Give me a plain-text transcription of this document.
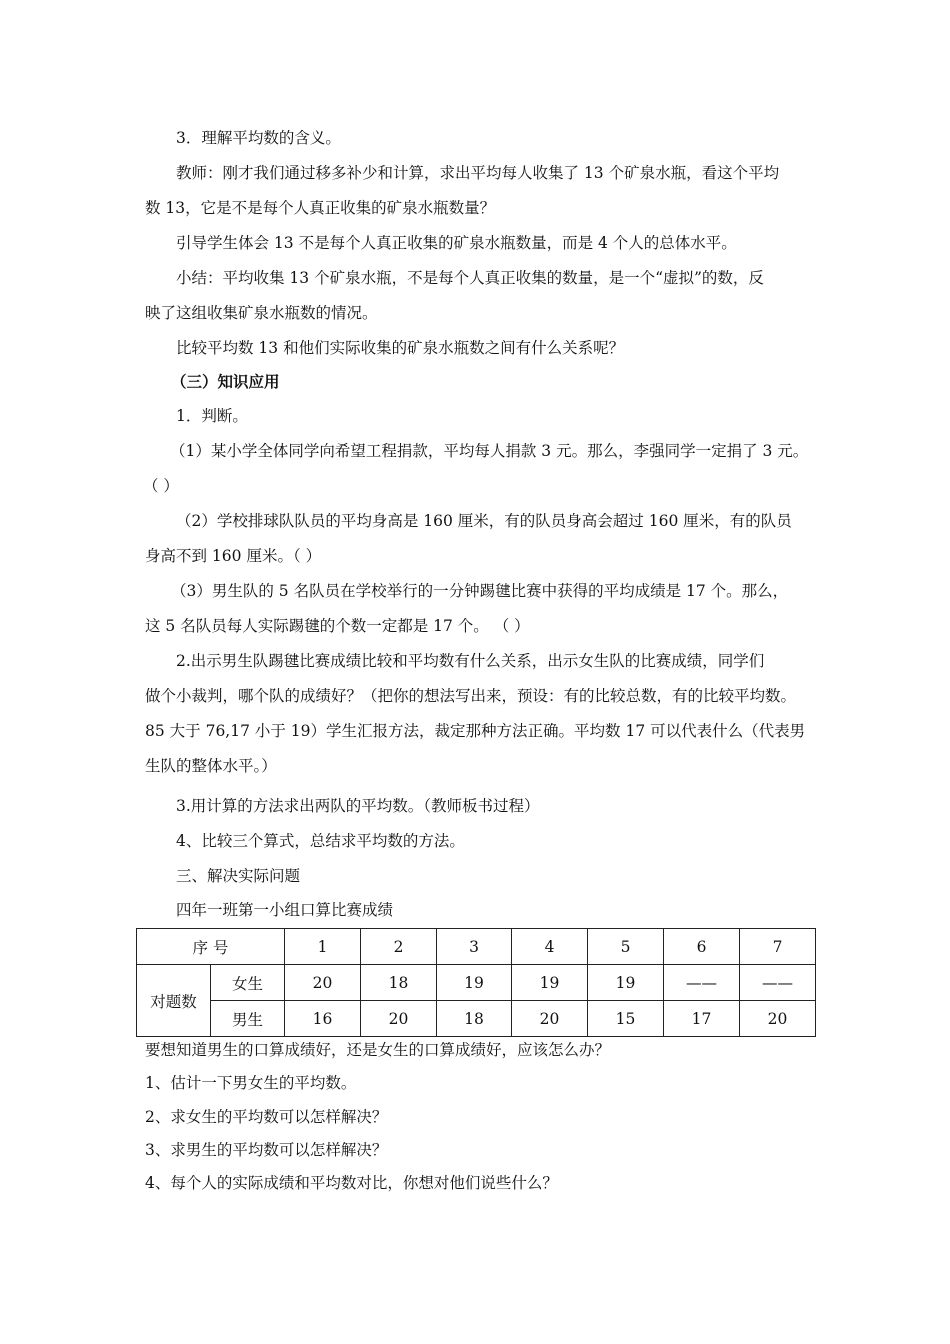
3．理解平均数的含义。
教师：刚才我们通过移多补少和计算，求出平均每人收集了 13 个矿泉水瓶，看这个平均
数 13，它是不是每个人真正收集的矿泉水瓶数量？
引导学生体会 13 不是每个人真正收集的矿泉水瓶数量，而是 4 个人的总体水平。
小结：平均收集 13 个矿泉水瓶，不是每个人真正收集的数量，是一个“虚拟”的数，反
映了这组收集矿泉水瓶数的情况。
比较平均数 13 和他们实际收集的矿泉水瓶数之间有什么关系呢？
（三）知识应用
1．判断。
（1）某小学全体同学向希望工程捐款，平均每人捐款 3 元。那么，李强同学一定捐了 3 元。
（ ）
（2）学校排球队队员的平均身高是 160 厘米，有的队员身高会超过 160 厘米，有的队员
身高不到 160 厘米。（ ）
（3）男生队的 5 名队员在学校举行的一分钟踢毽比赛中获得的平均成绩是 17 个。那么，
这 5 名队员每人实际踢毽的个数一定都是 17 个。 （ ）
2.出示男生队踢毽比赛成绩比较和平均数有什么关系，出示女生队的比赛成绩，同学们
做个小裁判，哪个队的成绩好？（把你的想法写出来，预设：有的比较总数，有的比较平均数。
85 大于 76,17 小于 19）学生汇报方法，裁定那种方法正确。平均数 17 可以代表什么（代表男
生队的整体水平。）
3.用计算的方法求出两队的平均数。（教师板书过程）
4、比较三个算式，总结求平均数的方法。
三、解决实际问题
四年一班第一小组口算比赛成绩
序 号		1	2	3	4	5	6	7
对题数	女生	20	18	19	19	19	——	——
	男生	16	20	18	20	15	17	20
要想知道男生的口算成绩好，还是女生的口算成绩好，应该怎么办？
1、估计一下男女生的平均数。
2、求女生的平均数可以怎样解决？
3、求男生的平均数可以怎样解决？
4、每个人的实际成绩和平均数对比，你想对他们说些什么？
